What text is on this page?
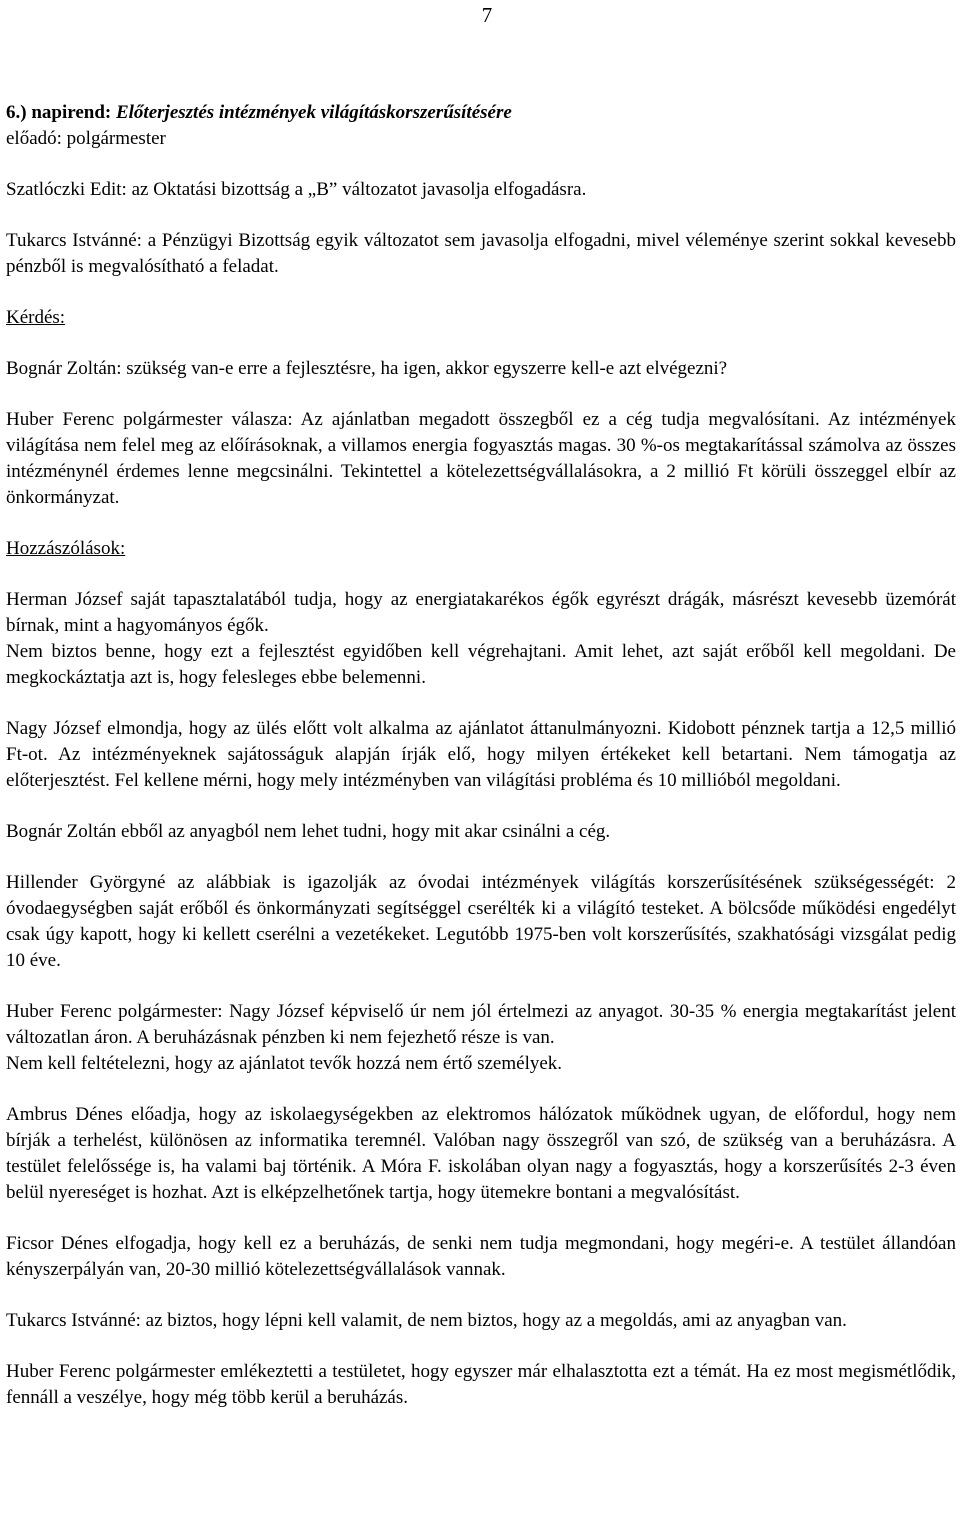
7

6.) napirend: Előterjesztés intézmények világításkorszerűsítésére

előadó: polgármester

Szatlóczki Edit: az Oktatási bizottság a „B” változatot javasolja elfogadásra.

Tukarcs Istvánné: a Pénzügyi Bizottság egyik változatot sem javasolja elfogadni, mivel véleménye szerint sokkal kevesebb pénzből is megvalósítható a feladat.

Kérdés:

Bognár Zoltán: szükség van-e erre a fejlesztésre, ha igen, akkor egyszerre kell-e azt elvégezni?

Huber Ferenc polgármester válasza: Az ajánlatban megadott összegből ez a cég tudja megvalósítani. Az intézmények világítása nem felel meg az előírásoknak, a villamos energia fogyasztás magas. 30 %-os megtakarítással számolva az összes intézménynél érdemes lenne megcsinálni. Tekintettel a kötelezettségvállalásokra, a 2 millió Ft körüli összeggel elbír az önkormányzat.

Hozzászólások:

Herman József saját tapasztalatából tudja, hogy az energiatakarékos égők egyrészt drágák, másrészt kevesebb üzemórát bírnak, mint a hagyományos égők.

Nem biztos benne, hogy ezt a fejlesztést egyidőben kell végrehajtani. Amit lehet, azt saját erőből kell megoldani. De megkockáztatja azt is, hogy felesleges ebbe belemenni.

Nagy József elmondja, hogy az ülés előtt volt alkalma az ajánlatot áttanulmányozni. Kidobott pénznek tartja a 12,5 millió Ft-ot. Az intézményeknek sajátosságuk alapján írják elő, hogy milyen értékeket kell betartani. Nem támogatja az előterjesztést. Fel kellene mérni, hogy mely intézményben van világítási probléma és 10 millióból megoldani.

Bognár Zoltán ebből az anyagból nem lehet tudni, hogy mit akar csinálni a cég.

Hillender Györgyné az alábbiak is igazolják az óvodai intézmények világítás korszerűsítésének szükségességét: 2 óvodaegységben saját erőből és önkormányzati segítséggel cserélték ki a világító testeket. A bölcsőde működési engedélyt csak úgy kapott, hogy ki kellett cserélni a vezetékeket. Legutóbb 1975-ben volt korszerűsítés, szakhatósági vizsgálat pedig 10 éve.

Huber Ferenc polgármester: Nagy József képviselő úr nem jól értelmezi az anyagot. 30-35 % energia megtakarítást jelent változatlan áron. A beruházásnak pénzben ki nem fejezhető része is van.

Nem kell feltételezni, hogy az ajánlatot tevők hozzá nem értő személyek.

Ambrus Dénes előadja, hogy az iskolaegységekben az elektromos hálózatok működnek ugyan, de előfordul, hogy nem bírják a terhelést, különösen az informatika teremnél. Valóban nagy összegről van szó, de szükség van a beruházásra. A testület felelőssége is, ha valami baj történik. A Móra F. iskolában olyan nagy a fogyasztás, hogy a korszerűsítés 2-3 éven belül nyereséget is hozhat. Azt is elképzelhetőnek tartja, hogy ütemekre bontani a megvalósítást.

Ficsor Dénes elfogadja, hogy kell ez a beruházás, de senki nem tudja megmondani, hogy megéri-e. A testület állandóan kényszerpályán van, 20-30 millió kötelezettségvállalások vannak.

Tukarcs Istvánné: az biztos, hogy lépni kell valamit, de nem biztos, hogy az a megoldás, ami az anyagban van.

Huber Ferenc polgármester emlékeztetti a testületet, hogy egyszer már elhalasztotta ezt a témát. Ha ez most megismétlődik, fennáll a veszélye, hogy még több kerül a beruházás.
